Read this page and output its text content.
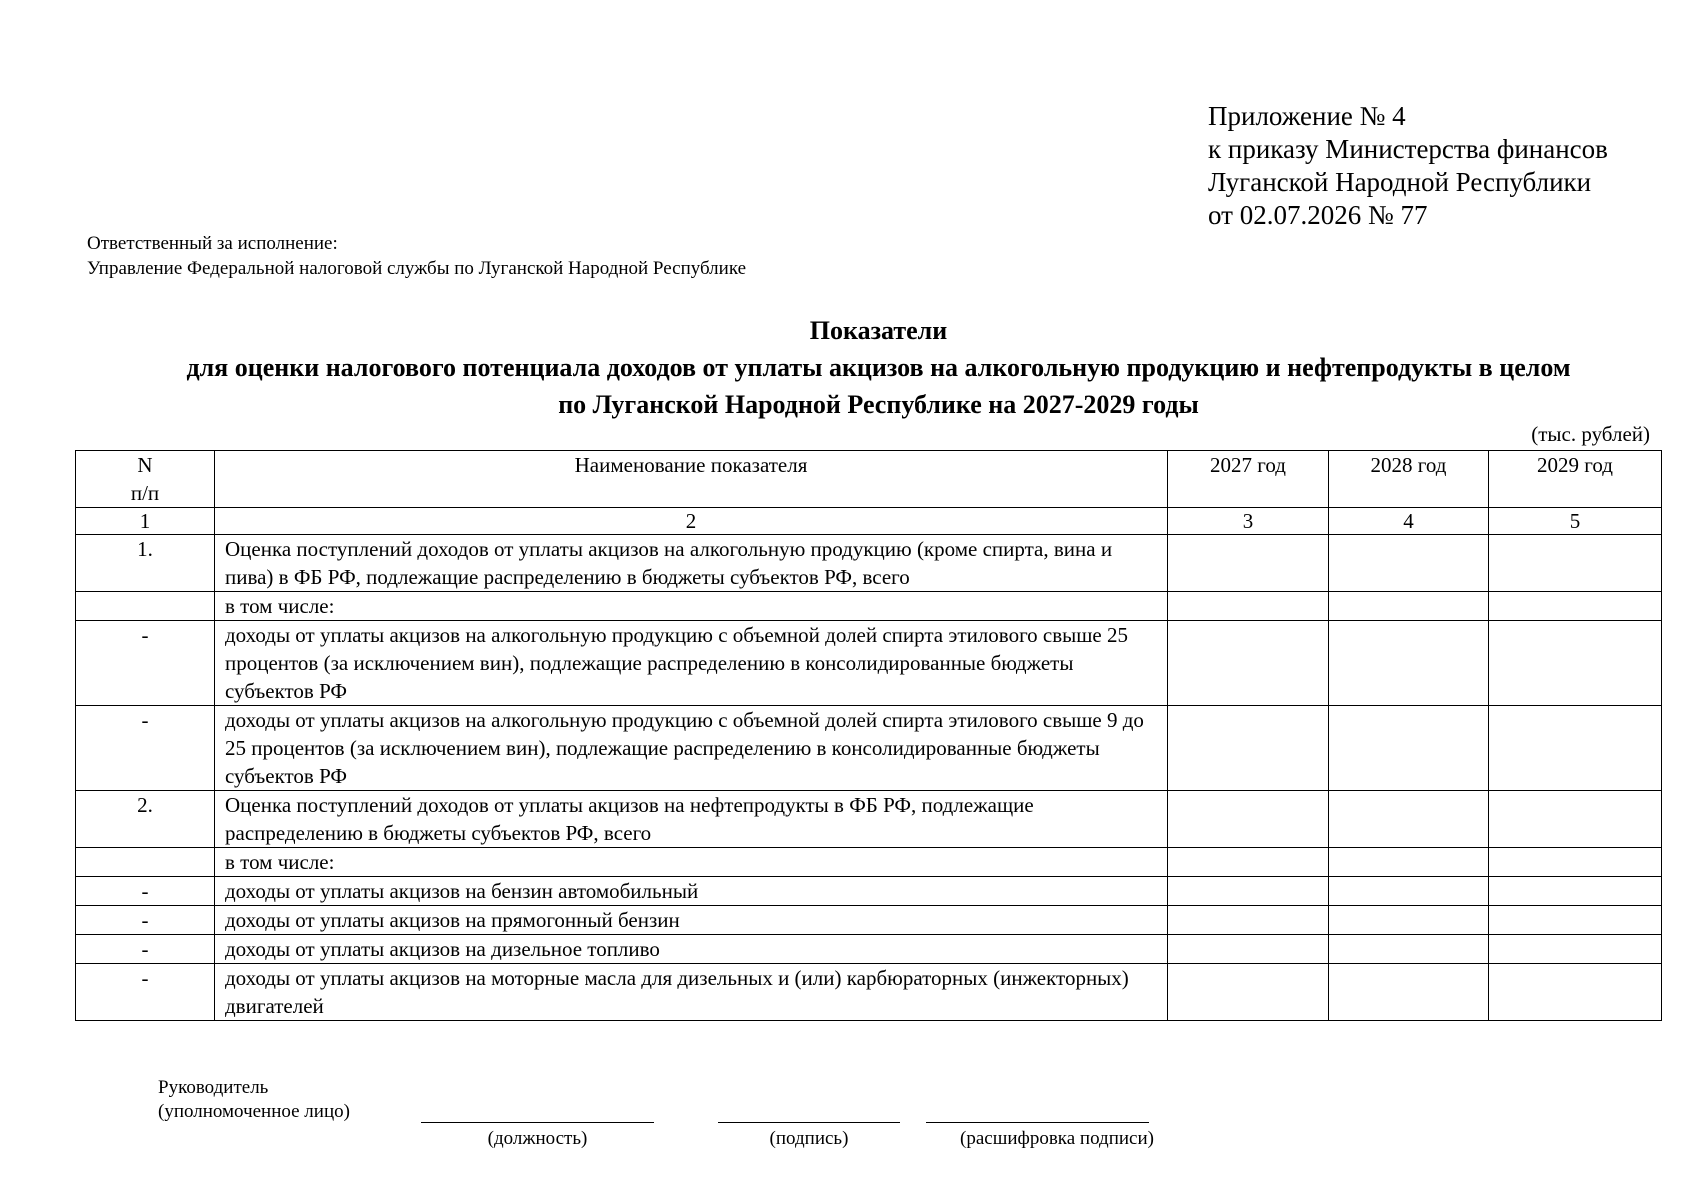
Приложение № 4
к приказу Министерства финансов
Луганской Народной Республики
от 02.07.2026 № 77
Ответственный за исполнение:
Управление Федеральной налоговой службы по Луганской Народной Республике
Показатели
для оценки налогового потенциала доходов от уплаты акцизов на алкогольную продукцию и нефтепродукты в целом
по Луганской Народной Республике на 2027-2029 годы
(тыс. рублей)
N
п/п	Наименование показателя	2027 год	2028 год	2029 год
1	2	3	4	5
1.	Оценка поступлений доходов от уплаты акцизов на алкогольную продукцию (кроме спирта, вина и пива) в ФБ РФ, подлежащие распределению в бюджеты субъектов РФ, всего			
	в том числе:			
-	доходы от уплаты акцизов на алкогольную продукцию с объемной долей спирта этилового свыше 25 процентов (за исключением вин), подлежащие распределению в консолидированные бюджеты субъектов РФ			
-	доходы от уплаты акцизов на алкогольную продукцию с объемной долей спирта этилового свыше 9 до 25 процентов (за исключением вин), подлежащие распределению в консолидированные бюджеты субъектов РФ			
2.	Оценка поступлений доходов от уплаты акцизов на нефтепродукты в ФБ РФ, подлежащие распределению в бюджеты субъектов РФ, всего			
	в том числе:			
-	доходы от уплаты акцизов на бензин автомобильный			
-	доходы от уплаты акцизов на прямогонный бензин			
-	доходы от уплаты акцизов на дизельное топливо			
-	доходы от уплаты акцизов на моторные масла для дизельных и (или) карбюраторных (инжекторных) двигателей			
Руководитель
(уполномоченное лицо)
(должность)	(подпись)	(расшифровка подписи)
